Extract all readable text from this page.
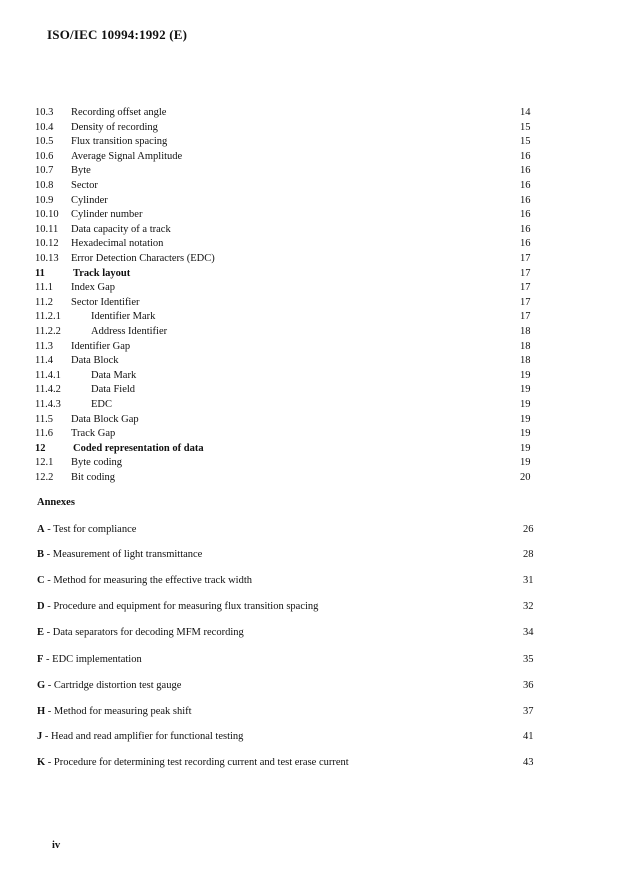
ISO/IEC 10994:1992 (E)
10.3 Recording offset angle	14
10.4 Density of recording	15
10.5 Flux transition spacing	15
10.6 Average Signal Amplitude	16
10.7 Byte	16
10.8 Sector	16
10.9 Cylinder	16
10.10 Cylinder number	16
10.11 Data capacity of a track	16
10.12 Hexadecimal notation	16
10.13 Error Detection Characters (EDC)	17
11	Track layout	17
11.1 Index Gap	17
11.2 Sector Identifier	17
11.2.1	Identifier Mark	17
11.2.2	Address Identifier	18
11.3 Identifier Gap	18
11.4 Data Block	18
11.4.1	Data Mark	19
11.4.2	Data Field	19
11.4.3	EDC	19
11.5 Data Block Gap	19
11.6 Track Gap	19
12	Coded representation of data	19
12.1 Byte coding	19
12.2 Bit coding	20
Annexes
A - Test for compliance	26
B - Measurement of light transmittance	28
C - Method for measuring the effective track width	31
D - Procedure and equipment for measuring flux transition spacing	32
E - Data separators for decoding MFM recording	34
F - EDC implementation	35
G - Cartridge distortion test gauge	36
H - Method for measuring peak shift	37
J - Head and read amplifier for functional testing	41
K - Procedure for determining test recording current and test erase current	43
iv
